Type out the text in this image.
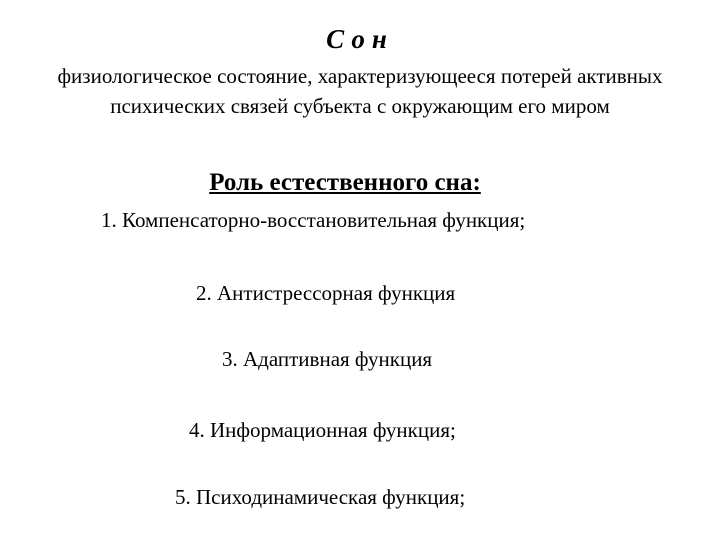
Сон
физиологическое состояние, характеризующееся потерей активных психических связей субъекта с окружающим его миром
Роль естественного сна:
1. Компенсаторно-восстановительная функция;
2. Антистрессорная функция
3. Адаптивная функция
4. Информационная функция;
5. Психодинамическая функция;
